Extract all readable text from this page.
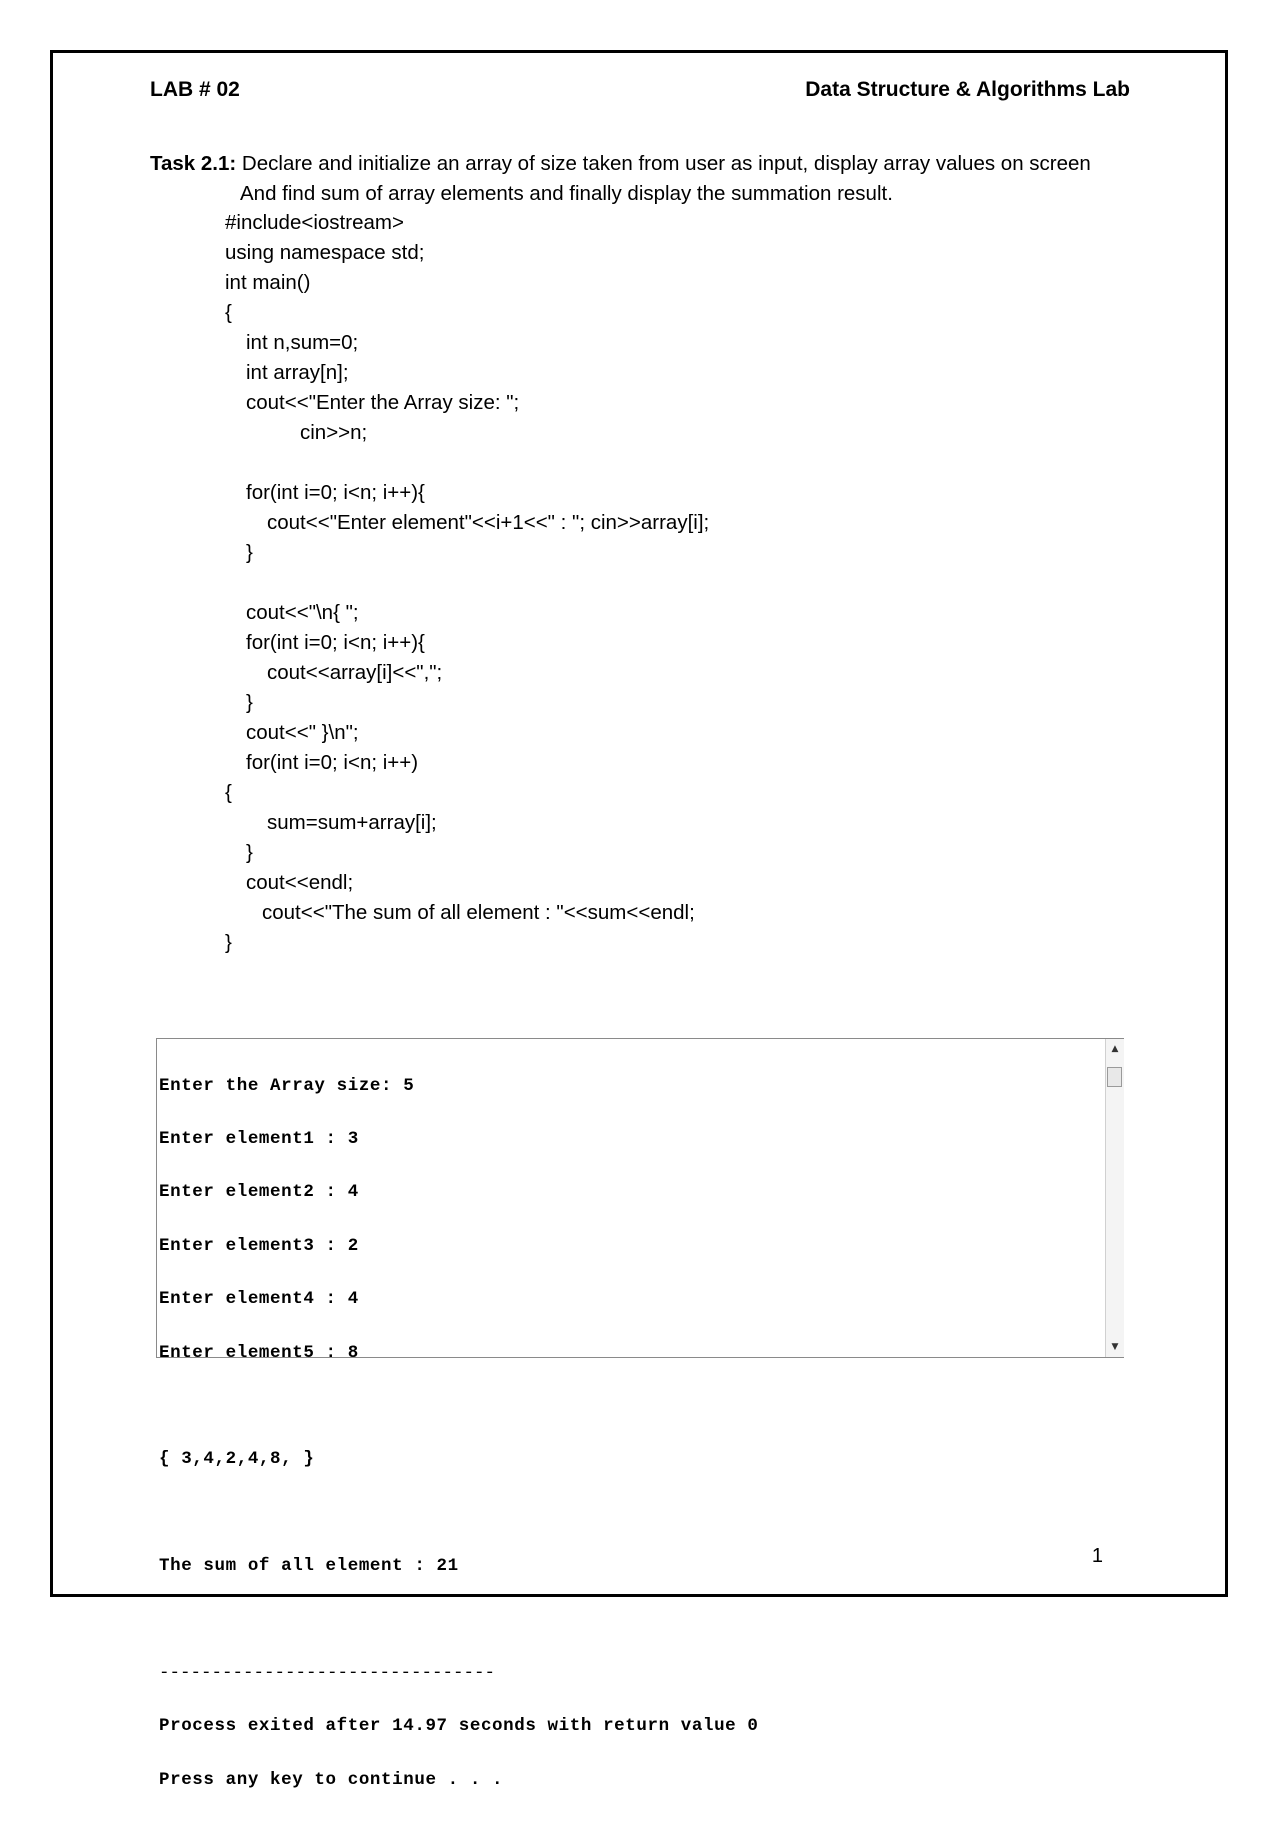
LAB # 02	Data Structure & Algorithms Lab
Task 2.1: Declare and initialize an array of size taken from user as input, display array values on screen
And find sum of array elements and finally display the summation result.
#include<iostream>
using namespace std;
int main()
{
int n,sum=0;
int array[n];
cout<<"Enter the Array size: ";
cin>>n;
for(int i=0; i<n; i++){
cout<<"Enter element"<<i+1<<" : "; cin>>array[i];
}
cout<<"\n{ ";
for(int i=0; i<n; i++){
cout<<array[i]<<",";
}
cout<<" }\n";
for(int i=0; i<n; i++)
{
sum=sum+array[i];
}
cout<<endl;
cout<<"The sum of all element : "<<sum<<endl;
}

Enter the Array size: 5

Enter element1 : 3

Enter element2 : 4

Enter element3 : 2

Enter element4 : 4

Enter element5 : 8

{ 3,4,2,4,8, }

The sum of all element : 21

--------------------------------

Process exited after 14.97 seconds with return value 0

Press any key to continue . . .

▲
▼
1
